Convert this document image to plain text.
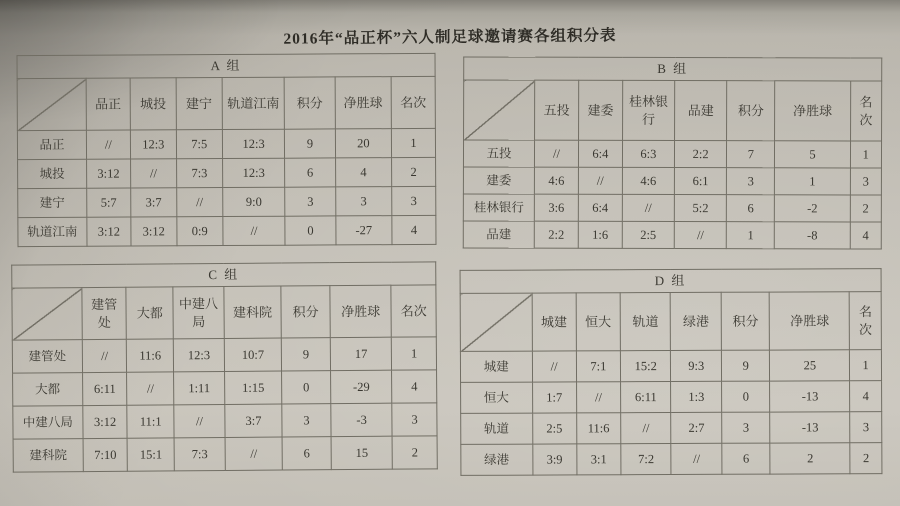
2016年“品正杯”六人制足球邀请赛各组积分表
A 组							
	品正	城投	建宁	轨道江南	积分	净胜球	名次
品正	//	12:3	7:5	12:3	9	20	1
城投	3:12	//	7:3	12:3	6	4	2
建宁	5:7	3:7	//	9:0	3	3	3
轨道江南	3:12	3:12	0:9	//	0	-27	4
B 组							
	五投	建委	桂林银行	品建	积分	净胜球	名次
五投	//	6:4	6:3	2:2	7	5	1
建委	4:6	//	4:6	6:1	3	1	3
桂林银行	3:6	6:4	//	5:2	6	-2	2
品建	2:2	1:6	2:5	//	1	-8	4
C 组							
	建管处	大都	中建八局	建科院	积分	净胜球	名次
建管处	//	11:6	12:3	10:7	9	17	1
大都	6:11	//	1:11	1:15	0	-29	4
中建八局	3:12	11:1	//	3:7	3	-3	3
建科院	7:10	15:1	7:3	//	6	15	2
D 组							
	城建	恒大	轨道	绿港	积分	净胜球	名次
城建	//	7:1	15:2	9:3	9	25	1
恒大	1:7	//	6:11	1:3	0	-13	4
轨道	2:5	11:6	//	2:7	3	-13	3
绿港	3:9	3:1	7:2	//	6	2	2
